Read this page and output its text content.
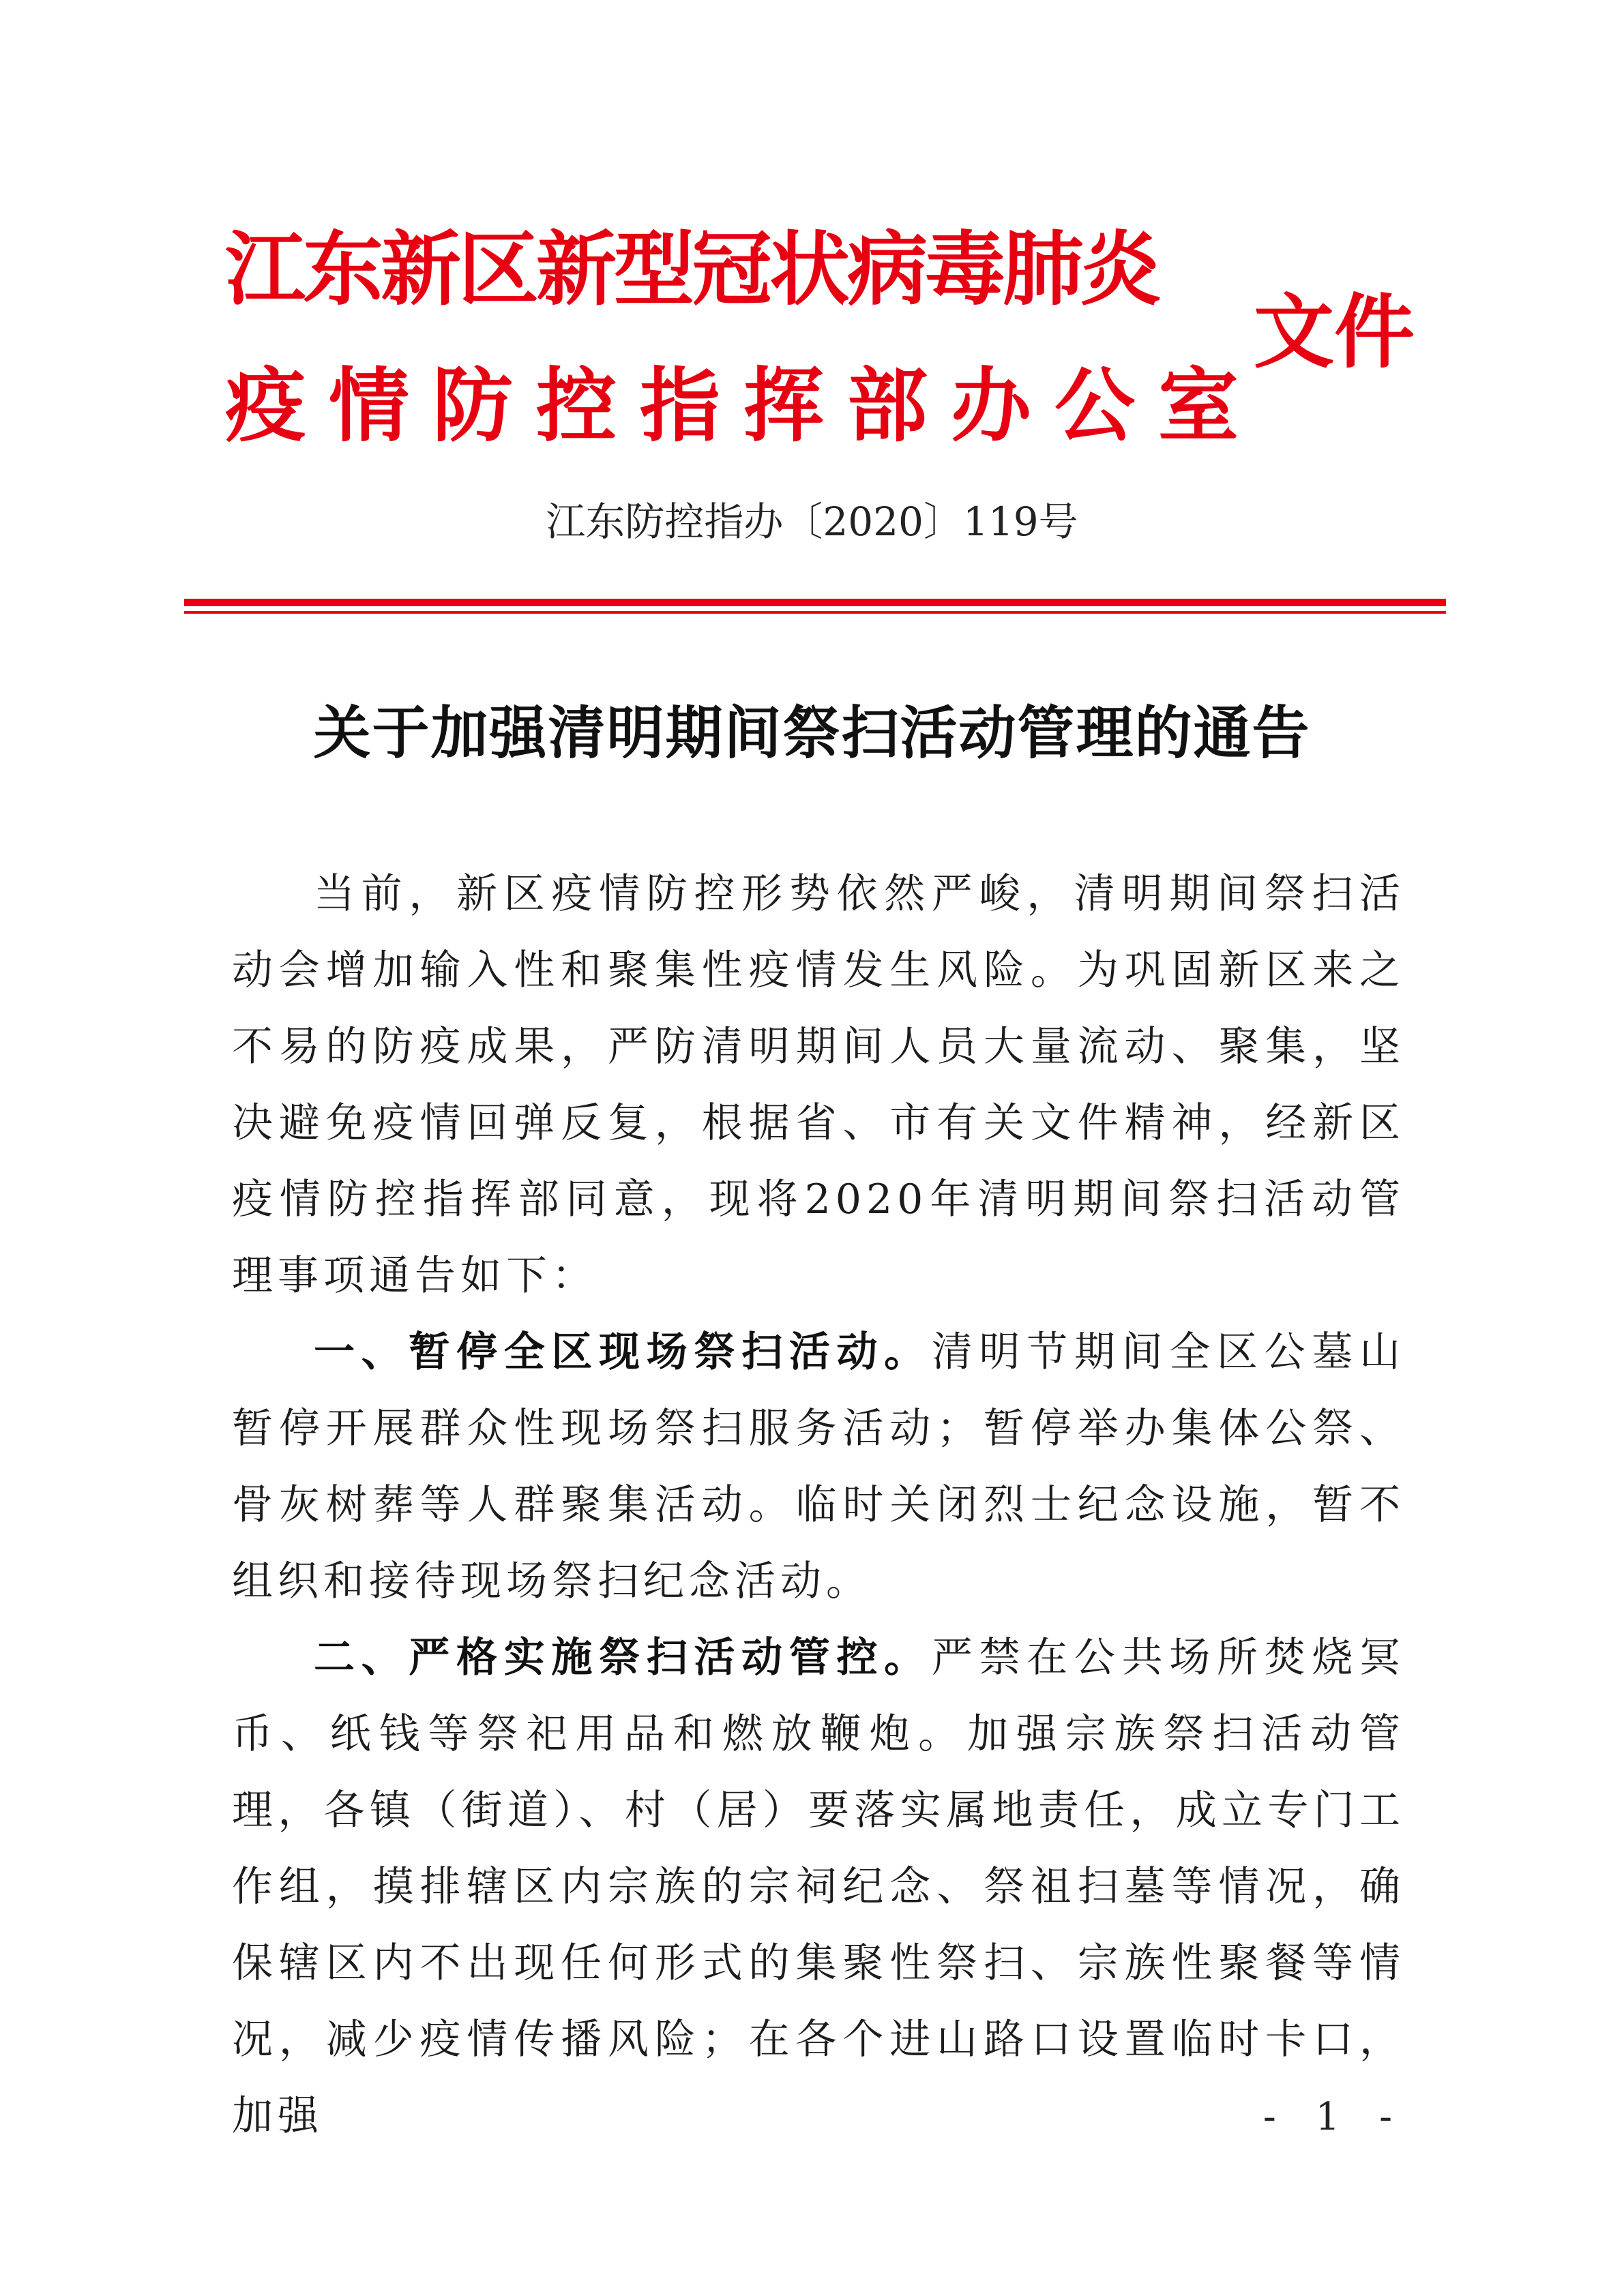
江东新区新型冠状病毒肺炎
疫情防控指挥部办公室
文件
江东防控指办〔2020〕119号
关于加强清明期间祭扫活动管理的通告

当前，新区疫情防控形势依然严峻，清明期间祭扫活动会增加输入性和聚集性疫情发生风险。为巩固新区来之不易的防疫成果，严防清明期间人员大量流动、聚集，坚决避免疫情回弹反复，根据省、市有关文件精神，经新区疫情防控指挥部同意，现将2020年清明期间祭扫活动管理事项通告如下：

一、暂停全区现场祭扫活动。清明节期间全区公墓山暂停开展群众性现场祭扫服务活动；暂停举办集体公祭、骨灰树葬等人群聚集活动。临时关闭烈士纪念设施，暂不组织和接待现场祭扫纪念活动。

二、严格实施祭扫活动管控。严禁在公共场所焚烧冥币、纸钱等祭祀用品和燃放鞭炮。加强宗族祭扫活动管理，各镇（街道）、村（居）要落实属地责任，成立专门工作组，摸排辖区内宗族的宗祠纪念、祭祖扫墓等情况，确保辖区内不出现任何形式的集聚性祭扫、宗族性聚餐等情况，减少疫情传播风险；在各个进山路口设置临时卡口，加强	- 1 -
